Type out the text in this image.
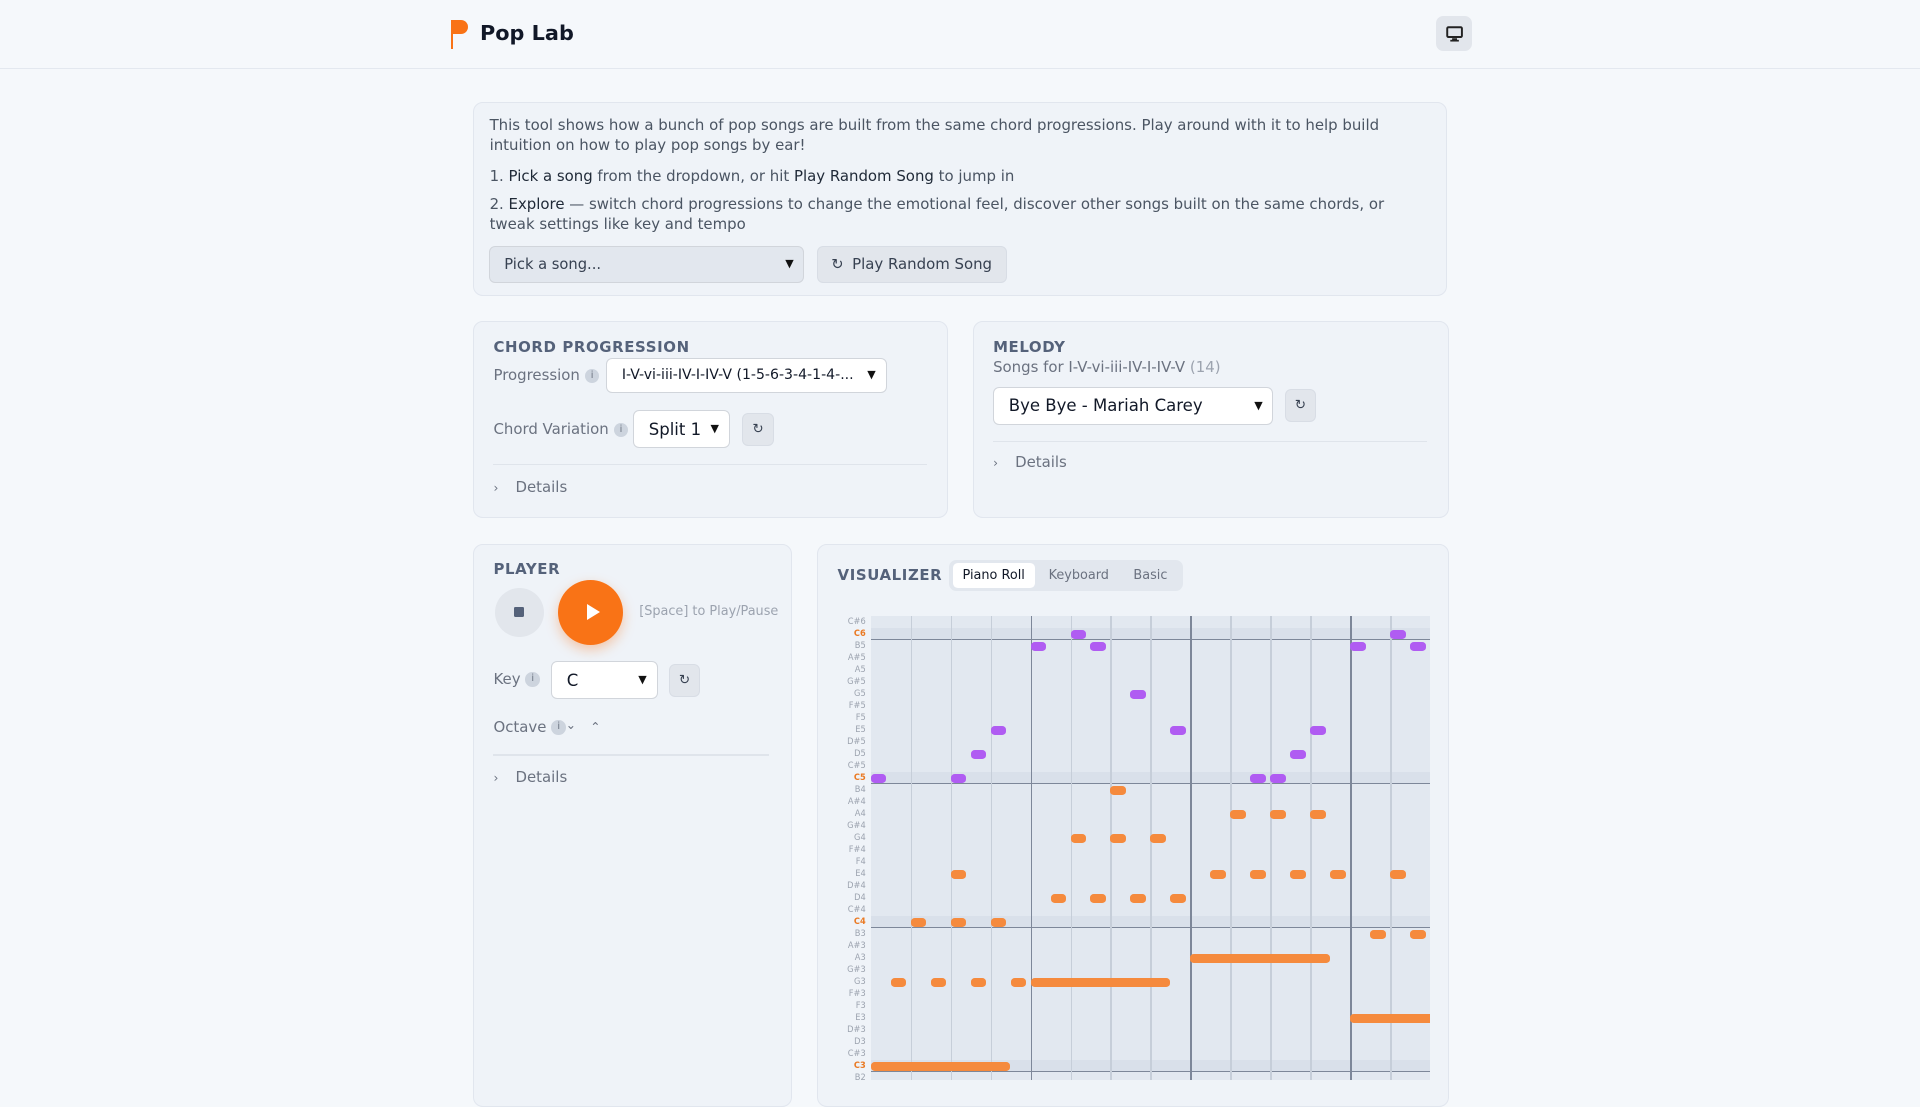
Pop Lab

This tool shows how a bunch of pop songs are built from the same chord progressions. Play around with it to help build intuition on how to play pop songs by ear!

1. Pick a song from the dropdown, or hit Play Random Song to jump in

2. Explore — switch chord progressions to change the emotional feel, discover other songs built on the same chords, or tweak settings like key and tempo

Pick a song...	▼	↻ Play Random Song
CHORD PROGRESSION
Progression i	I-V-vi-iii-IV-I-IV-V (1-5-6-3-4-1-4-... ▼
Chord Variation i	Split 1 ▼	↻
› Details
MELODY
Songs for I-V-vi-iii-IV-I-IV-V (14)
Bye Bye - Mariah Carey	▼	↻
› Details
PLAYER
[Space] to Play/Pause
Key i	C	▼	↻
Octave i ⌄ ⌃
› Details
VISUALIZER	Piano Roll	Keyboard	Basic
C#6
C6
B5
A#5
A5
G#5
G5
F#5
F5
E5
D#5
D5
C#5
C5
B4
A#4
A4
G#4
G4
F#4
F4
E4
D#4
D4
C#4
C4
B3
A#3
A3
G#3
G3
F#3
F3
E3
D#3
D3
C#3
C3
B2
